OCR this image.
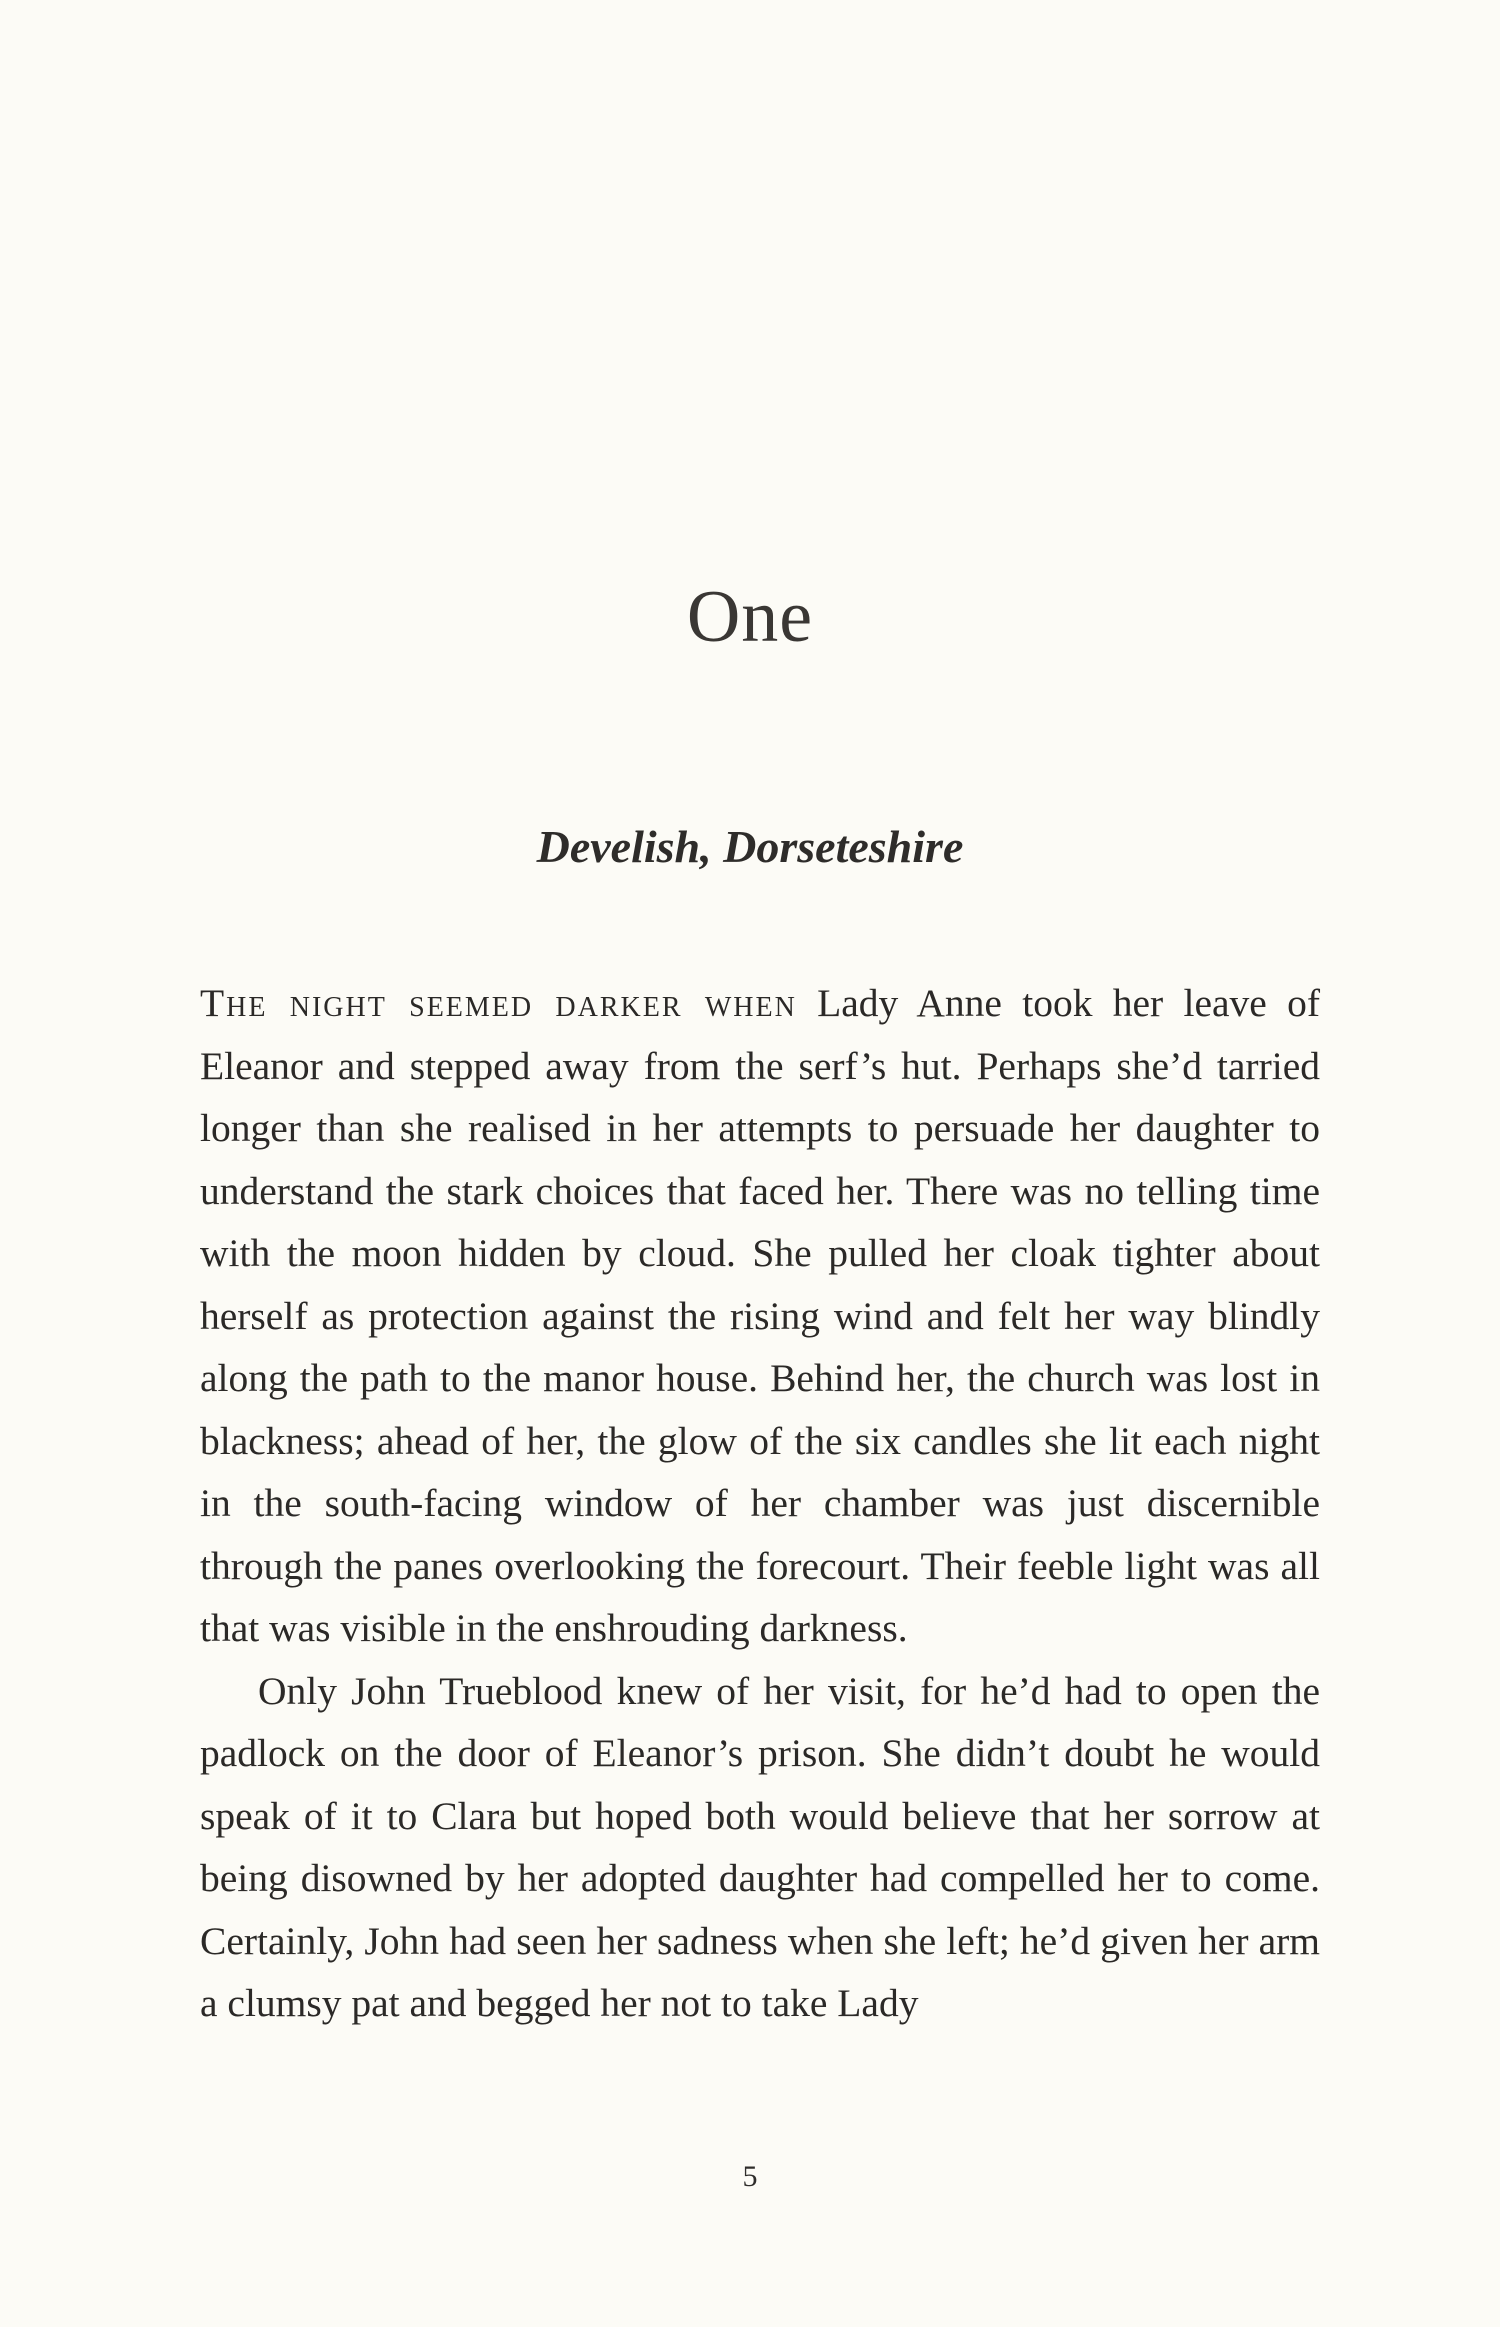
One
Develish, Dorseteshire

The night seemed darker when Lady Anne took her leave of Eleanor and stepped away from the serf’s hut. Perhaps she’d tarried longer than she realised in her attempts to persuade her daughter to understand the stark choices that faced her. There was no telling time with the moon hidden by cloud. She pulled her cloak tighter about herself as protection against the rising wind and felt her way blindly along the path to the manor house. Behind her, the church was lost in blackness; ahead of her, the glow of the six candles she lit each night in the south-facing window of her chamber was just discernible through the panes overlooking the forecourt. Their feeble light was all that was visible in the enshrouding darkness.

Only John Trueblood knew of her visit, for he’d had to open the padlock on the door of Eleanor’s prison. She didn’t doubt he would speak of it to Clara but hoped both would believe that her sorrow at being disowned by her adopted daughter had compelled her to come. Certainly, John had seen her sadness when she left; he’d given her arm a clumsy pat and begged her not to take Lady

5
